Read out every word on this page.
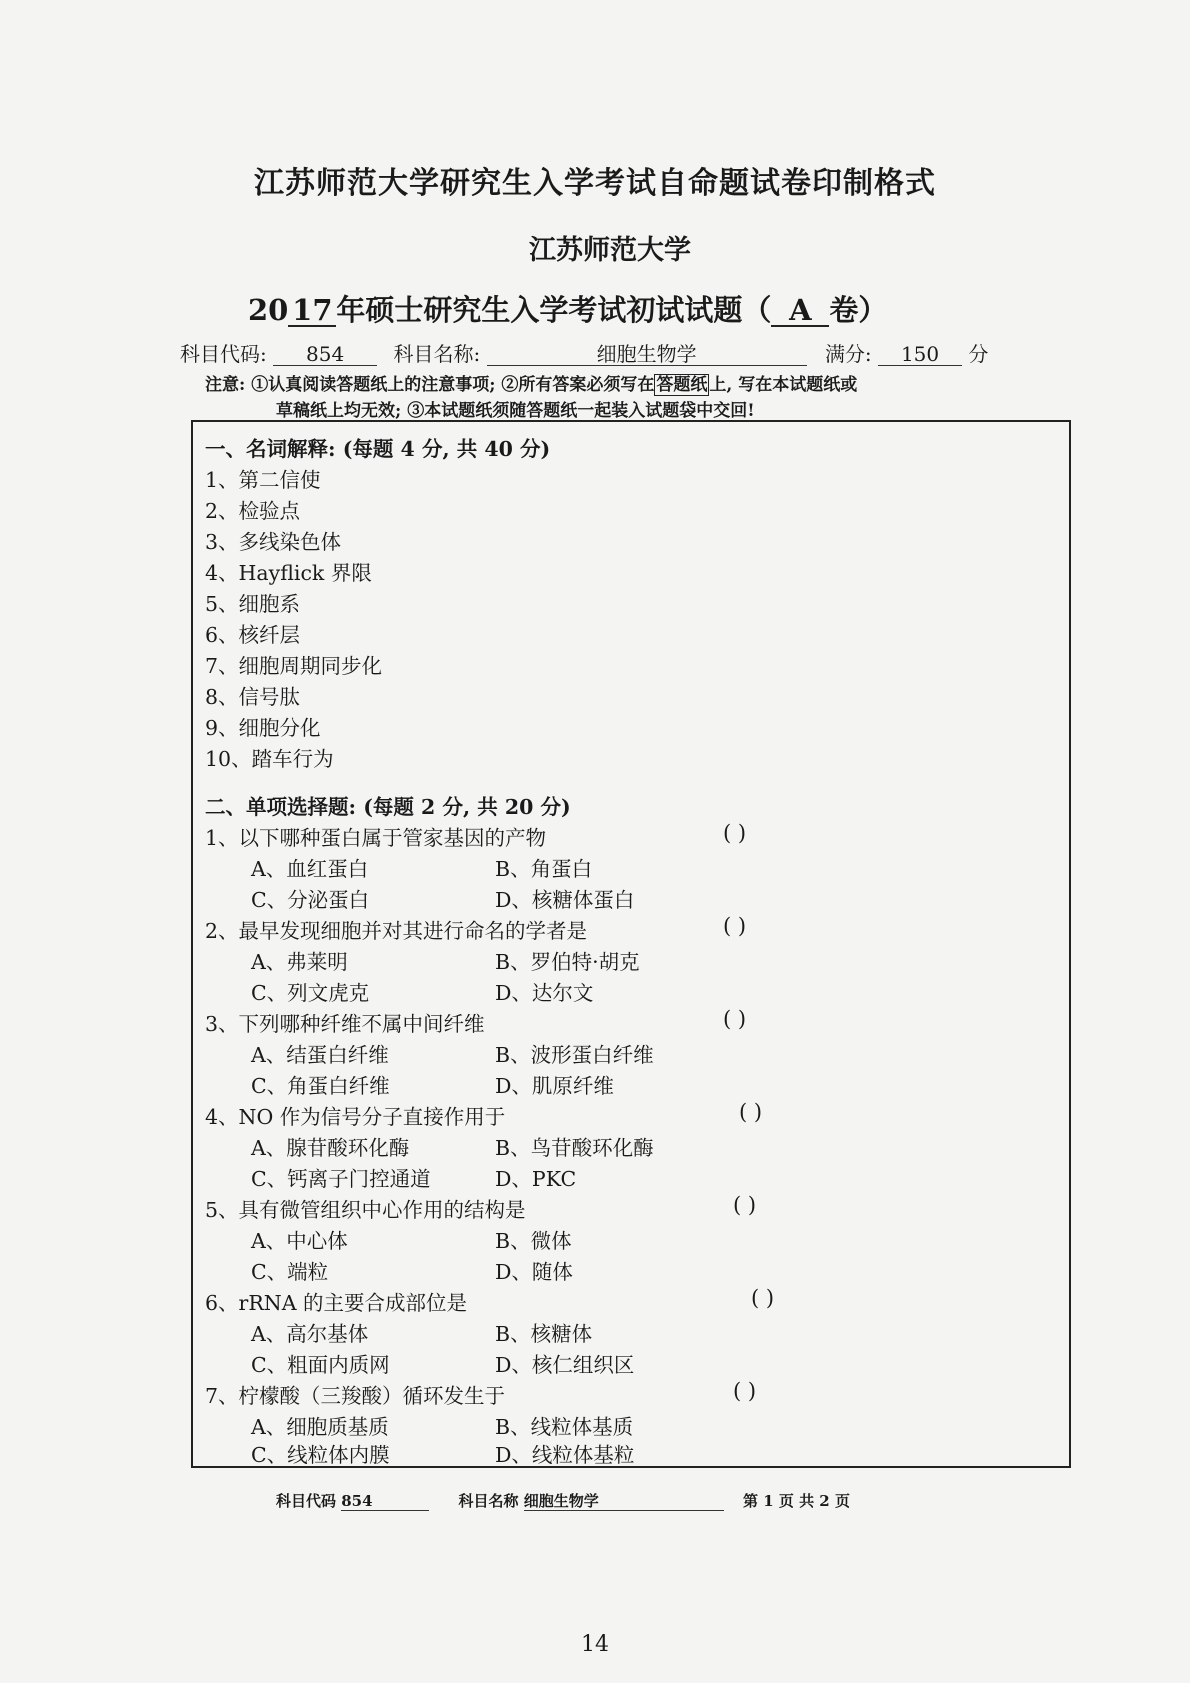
江苏师范大学研究生入学考试自命题试卷印制格式
江苏师范大学
20 17 年硕士研究生入学考试初试试题（ A 卷）
科目代码: 854 科目名称:	细胞生物学	满分: 150 分
注意: ①认真阅读答题纸上的注意事项; ②所有答案必须写在 答题纸 上, 写在本试题纸或
草稿纸上均无效; ③本试题纸须随答题纸一起装入试题袋中交回!
一、名词解释: (每题 4 分, 共 40 分)
1、第二信使
2、检验点
3、多线染色体
4、Hayflick 界限
5、细胞系
6、核纤层
7、细胞周期同步化
8、信号肽
9、细胞分化
10、踏车行为
二、单项选择题: (每题 2 分, 共 20 分)
1、以下哪种蛋白属于管家基因的产物	( )
A、血红蛋白	B、角蛋白
C、分泌蛋白	D、核糖体蛋白
2、最早发现细胞并对其进行命名的学者是	( )
A、弗莱明	B、罗伯特·胡克
C、列文虎克	D、达尔文
3、下列哪种纤维不属中间纤维	( )
A、结蛋白纤维	B、波形蛋白纤维
C、角蛋白纤维	D、肌原纤维
4、NO 作为信号分子直接作用于	( )
A、腺苷酸环化酶	B、鸟苷酸环化酶
C、钙离子门控通道	D、PKC
5、具有微管组织中心作用的结构是	( )
A、中心体	B、微体
C、端粒	D、随体
6、rRNA 的主要合成部位是	( )
A、高尔基体	B、核糖体
C、粗面内质网	D、核仁组织区
7、柠檬酸（三羧酸）循环发生于	( )
A、细胞质基质	B、线粒体基质
C、线粒体内膜	D、线粒体基粒
科目代码 854	科目名称 细胞生物学	第 1 页 共 2 页
14
